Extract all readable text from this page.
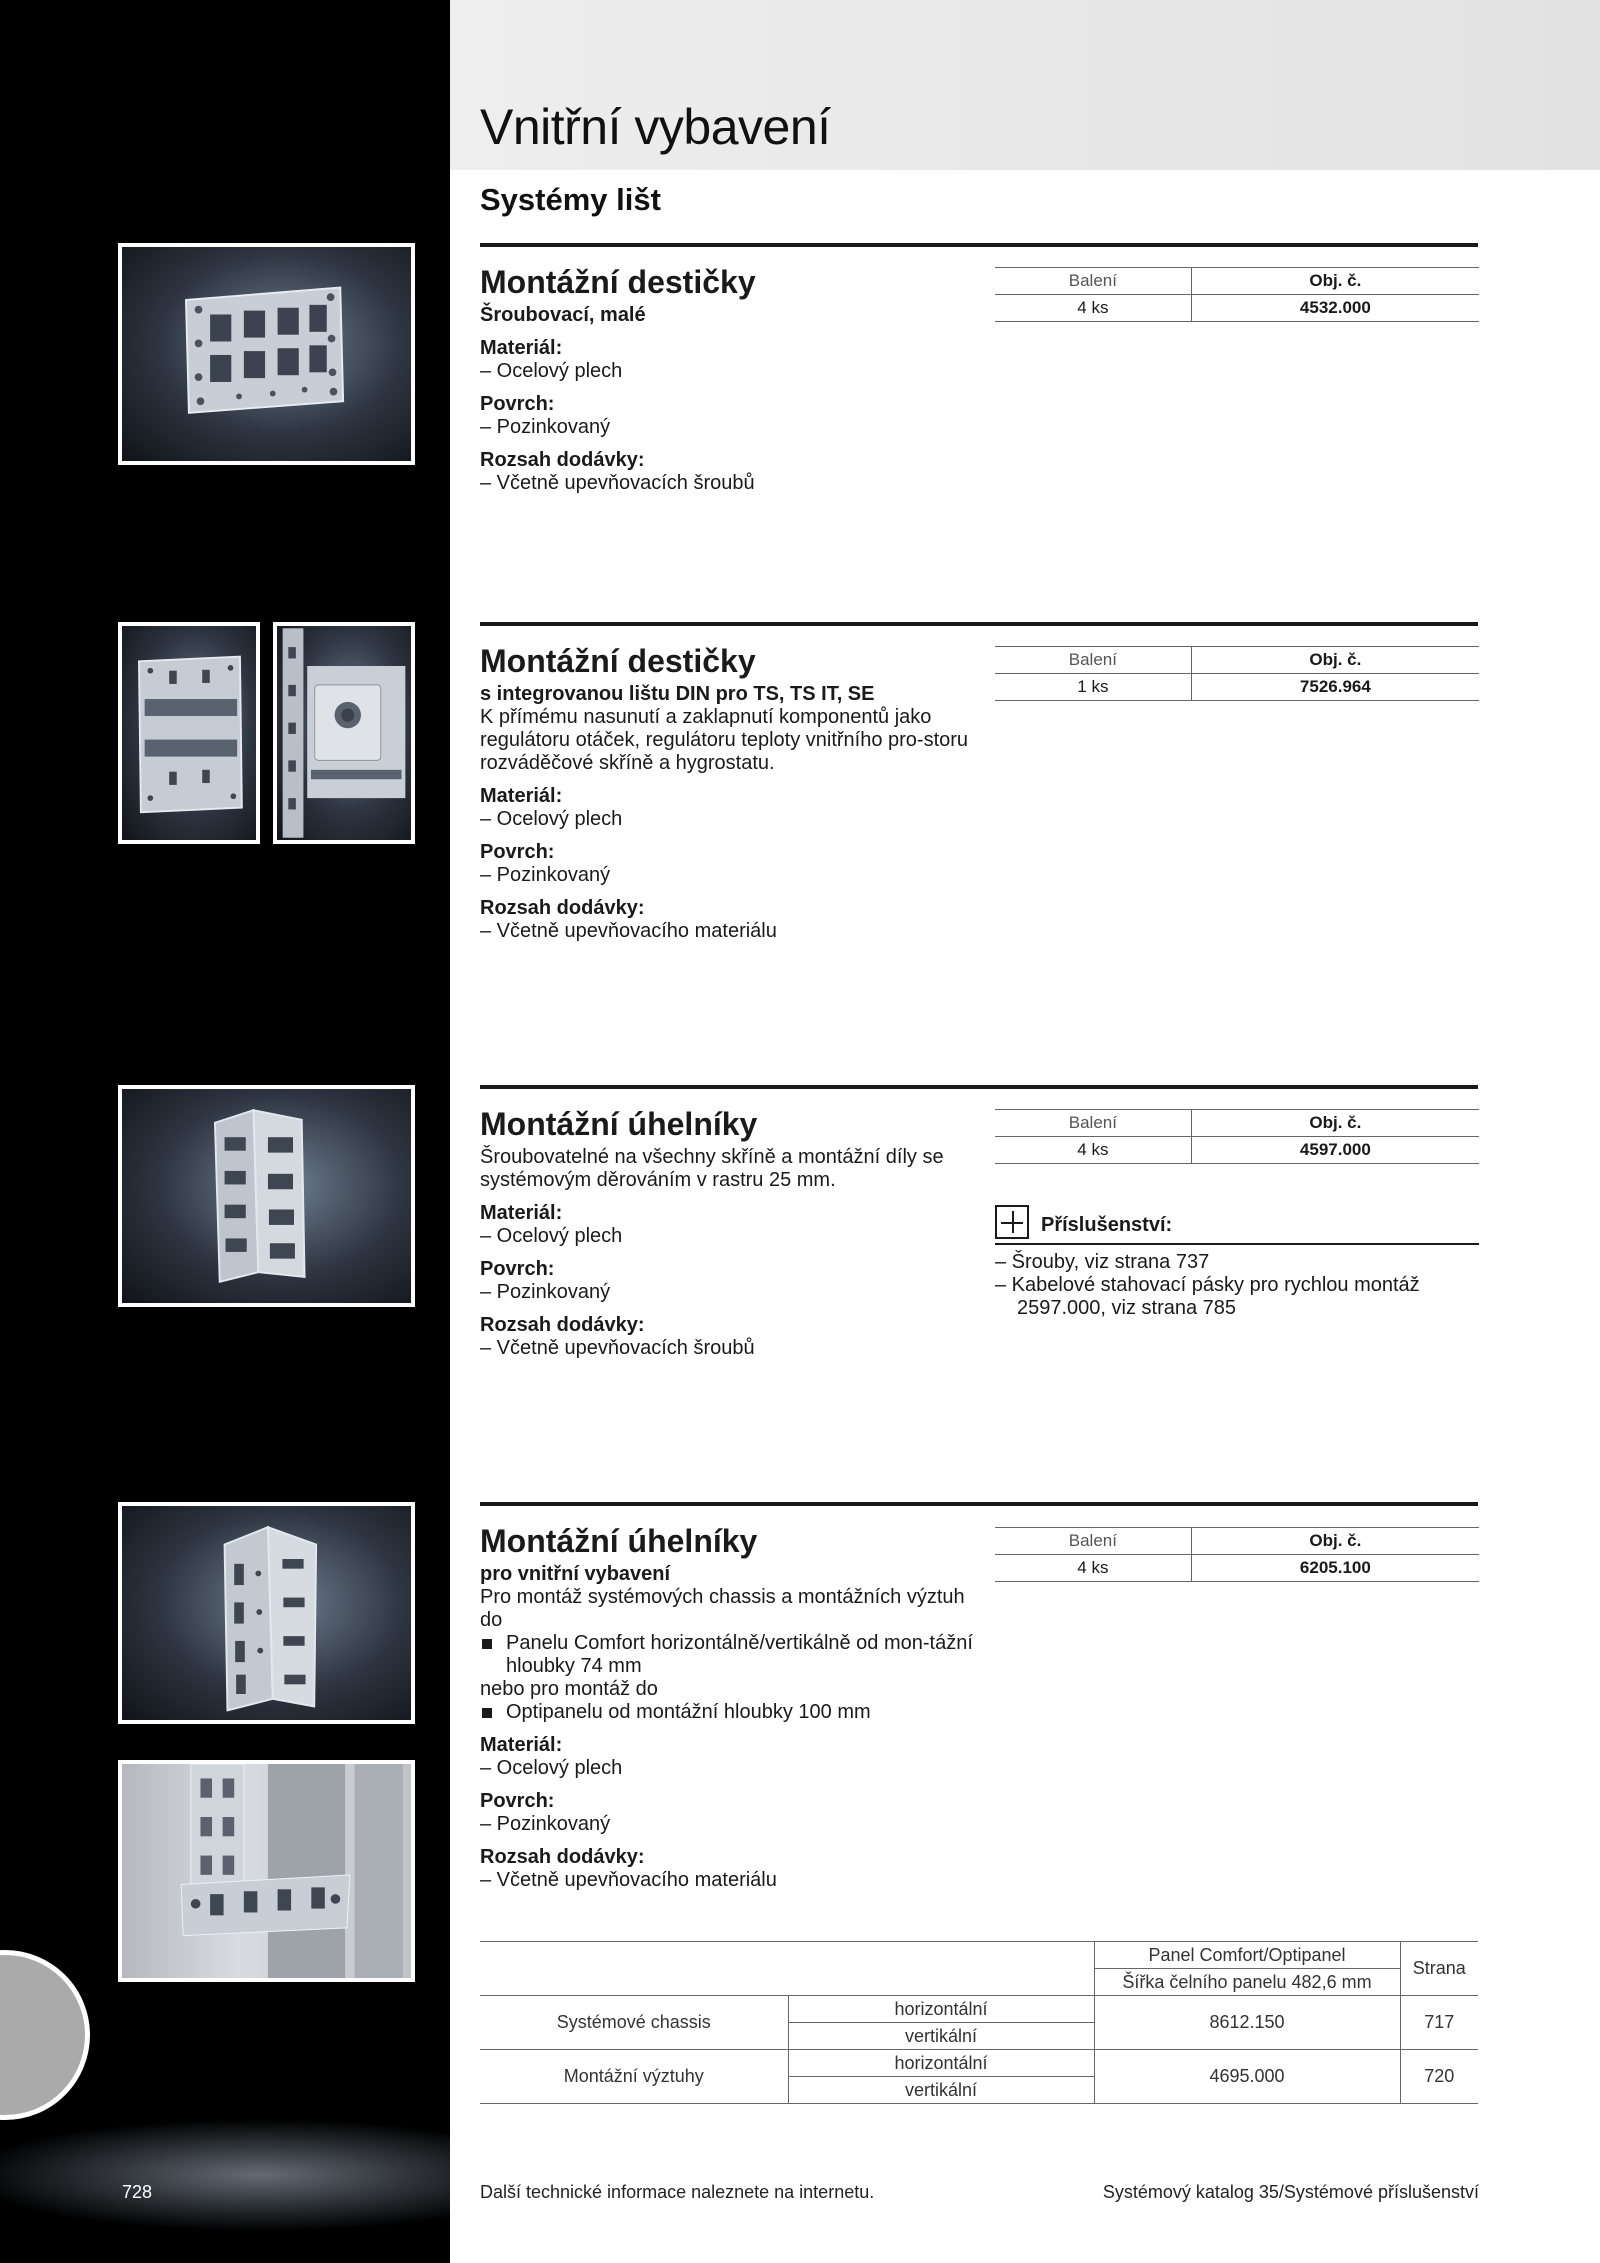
Vnitřní vybavení
Systémy lišt
Montážní destičky
Šroubovací, malé
Materiál:
– Ocelový plech
Povrch:
– Pozinkovaný
Rozsah dodávky:
– Včetně upevňovacích šroubů
Balení	Obj. č.
4 ks	4532.000
Montážní destičky
s integrovanou lištu DIN pro TS, TS IT, SE
K přímému nasunutí a zaklapnutí komponentů jako regulátoru otáček, regulátoru teploty vnitřního pro-storu rozváděčové skříně a hygrostatu.
Materiál:
– Ocelový plech
Povrch:
– Pozinkovaný
Rozsah dodávky:
– Včetně upevňovacího materiálu
Balení	Obj. č.
1 ks	7526.964
Montážní úhelníky
Šroubovatelné na všechny skříně a montážní díly se systémovým děrováním v rastru 25 mm.
Materiál:
– Ocelový plech
Povrch:
– Pozinkovaný
Rozsah dodávky:
– Včetně upevňovacích šroubů
Balení	Obj. č.
4 ks	4597.000
Příslušenství:
– Šrouby, viz strana 737
– Kabelové stahovací pásky pro rychlou montáž 2597.000, viz strana 785
Montážní úhelníky
pro vnitřní vybavení
Pro montáž systémových chassis a montážních výztuh do
Panelu Comfort horizontálně/vertikálně od mon-tážní hloubky 74 mm
nebo pro montáž do
Optipanelu od montážní hloubky 100 mm
Materiál:
– Ocelový plech
Povrch:
– Pozinkovaný
Rozsah dodávky:
– Včetně upevňovacího materiálu
Balení	Obj. č.
4 ks	6205.100
		Panel Comfort/Optipanel	Strana
		Šířka čelního panelu 482,6 mm	
Systémové chassis	horizontální	8612.150	717
	vertikální		
Montážní výztuhy	horizontální	4695.000	720
	vertikální		
728	Další technické informace naleznete na internetu.	Systémový katalog 35/Systémové příslušenství
